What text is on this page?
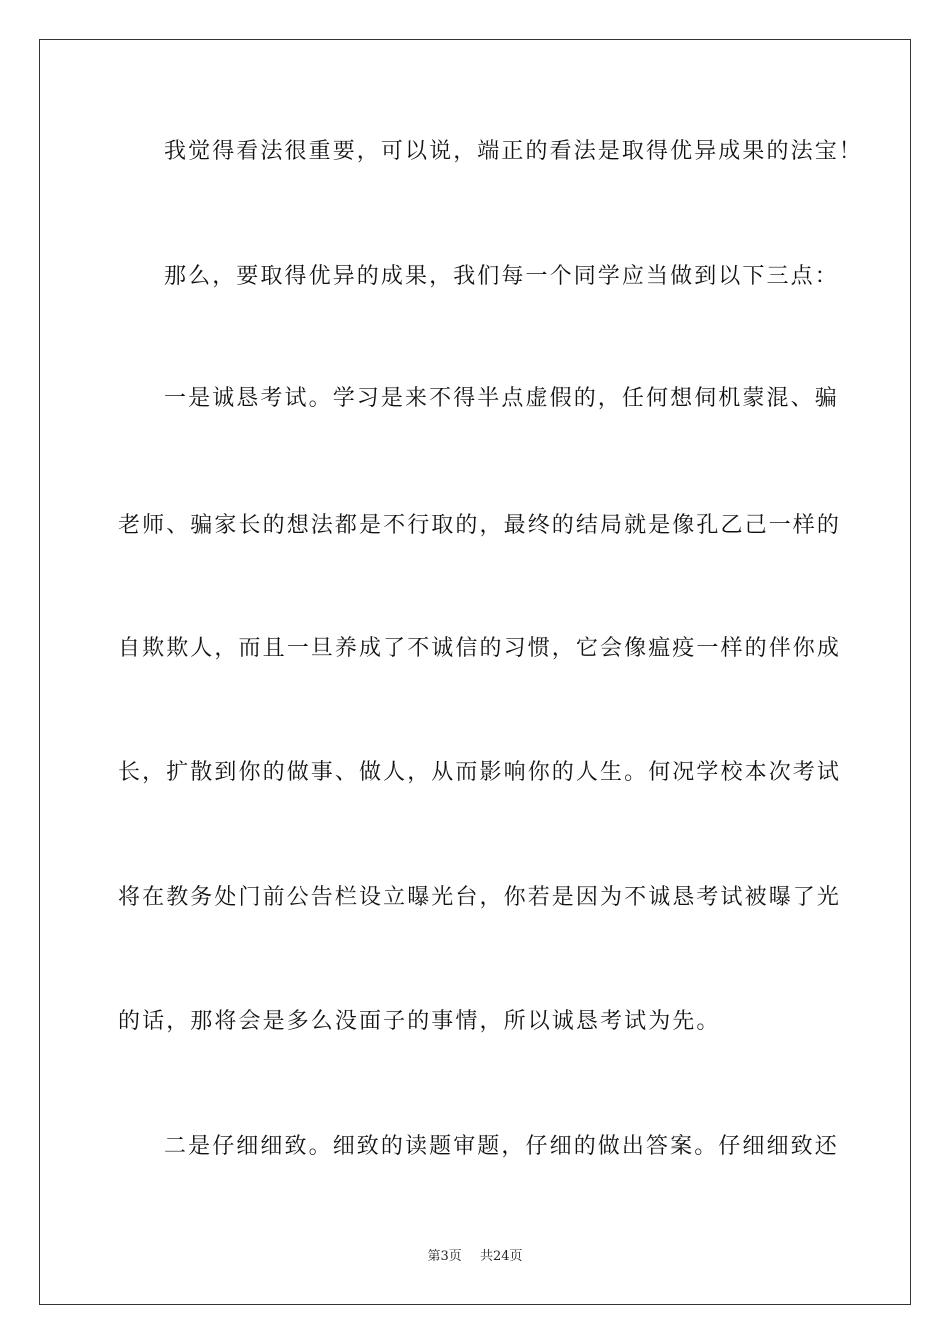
我觉得看法很重要，可以说，端正的看法是取得优异成果的法宝！
那么，要取得优异的成果，我们每一个同学应当做到以下三点：
一是诚恳考试。学习是来不得半点虚假的，任何想伺机蒙混、骗
老师、骗家长的想法都是不行取的，最终的结局就是像孔乙己一样的
自欺欺人，而且一旦养成了不诚信的习惯，它会像瘟疫一样的伴你成
长，扩散到你的做事、做人，从而影响你的人生。何况学校本次考试
将在教务处门前公告栏设立曝光台，你若是因为不诚恳考试被曝了光
的话，那将会是多么没面子的事情，所以诚恳考试为先。
二是仔细细致。细致的读题审题，仔细的做出答案。仔细细致还
第3页 共24页
